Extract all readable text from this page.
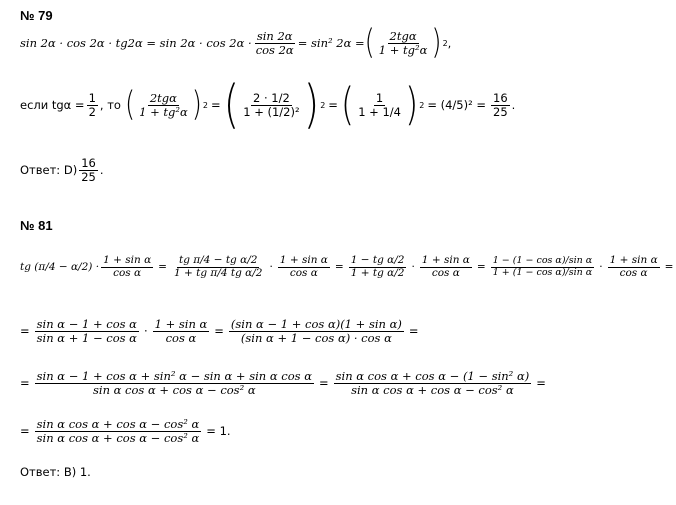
№ 79
$\sin 2\alpha \cdot \cos 2\alpha \cdot tg2\alpha = \sin 2\alpha \cdot \cos 2\alpha \cdot \frac{\sin 2\alpha}{\cos 2\alpha} = \sin^2$ 2α = ( $\frac{\text{2tgα}}{\text{1 + tg²α}}$ ) 2 ,
если $tg\alpha = \frac{1}{2}$ , то ( $\frac{\text{2tgα}}{\text{1 + tg²α}}$ ) 2 = ( $\frac{2 \cdot 1/2}{\text{1 + (1/2)²}}$ ) 2 = ( $\frac{1}{1 + 1/4}$ ) $2 = (4/5)^2 = \frac{16}{25}$ .
Ответ: $D) \frac{16}{25}$ .
№ 81
tg $(\pi/4 - \alpha/2) \cdot \frac{\text{1 + sin α}}{\text{cos α}} = \frac{\text{tg π/4 − tg α/2}}{\text{1 + tg π/4 tg α/2}} \cdot \frac{\text{1 + sin α}}{\text{cos α}} = \frac{\text{1 − tg α/2}}{\text{1 + tg α/2}} \cdot \frac{\text{1 + sin α}}{\text{cos α}} = \frac{\text{1 − (1 − cos α)/sin α}}{\text{1 + (1 − cos α)/sin α}} \cdot \frac{\text{1 + sin α}}{\text{cos α}}$ =
= $\frac{\text{sin α − 1 + cos α}}{\text{sin α + 1 − cos α}} \cdot \frac{\text{1 + sin α}}{\text{cos α}} = \frac{\text{(sin α − 1 + cos α)(1 + sin α)}}{\text{(sin α + 1 − cos α) · cos α}}$ =
= $\frac{\text{sin α − 1 + cos α + sin² α − sin α + sin α cos α}}{\text{sin α cos α + cos α − cos² α}} = \frac{\text{sin α cos α + cos α − (1 − sin² α)}}{\text{sin α cos α + cos α − cos² α}}$ =
= $\frac{\text{sin α cos α + cos α − cos² α}}{\text{sin α cos α + cos α − cos² α}} = 1$.
Ответ: B) 1.
